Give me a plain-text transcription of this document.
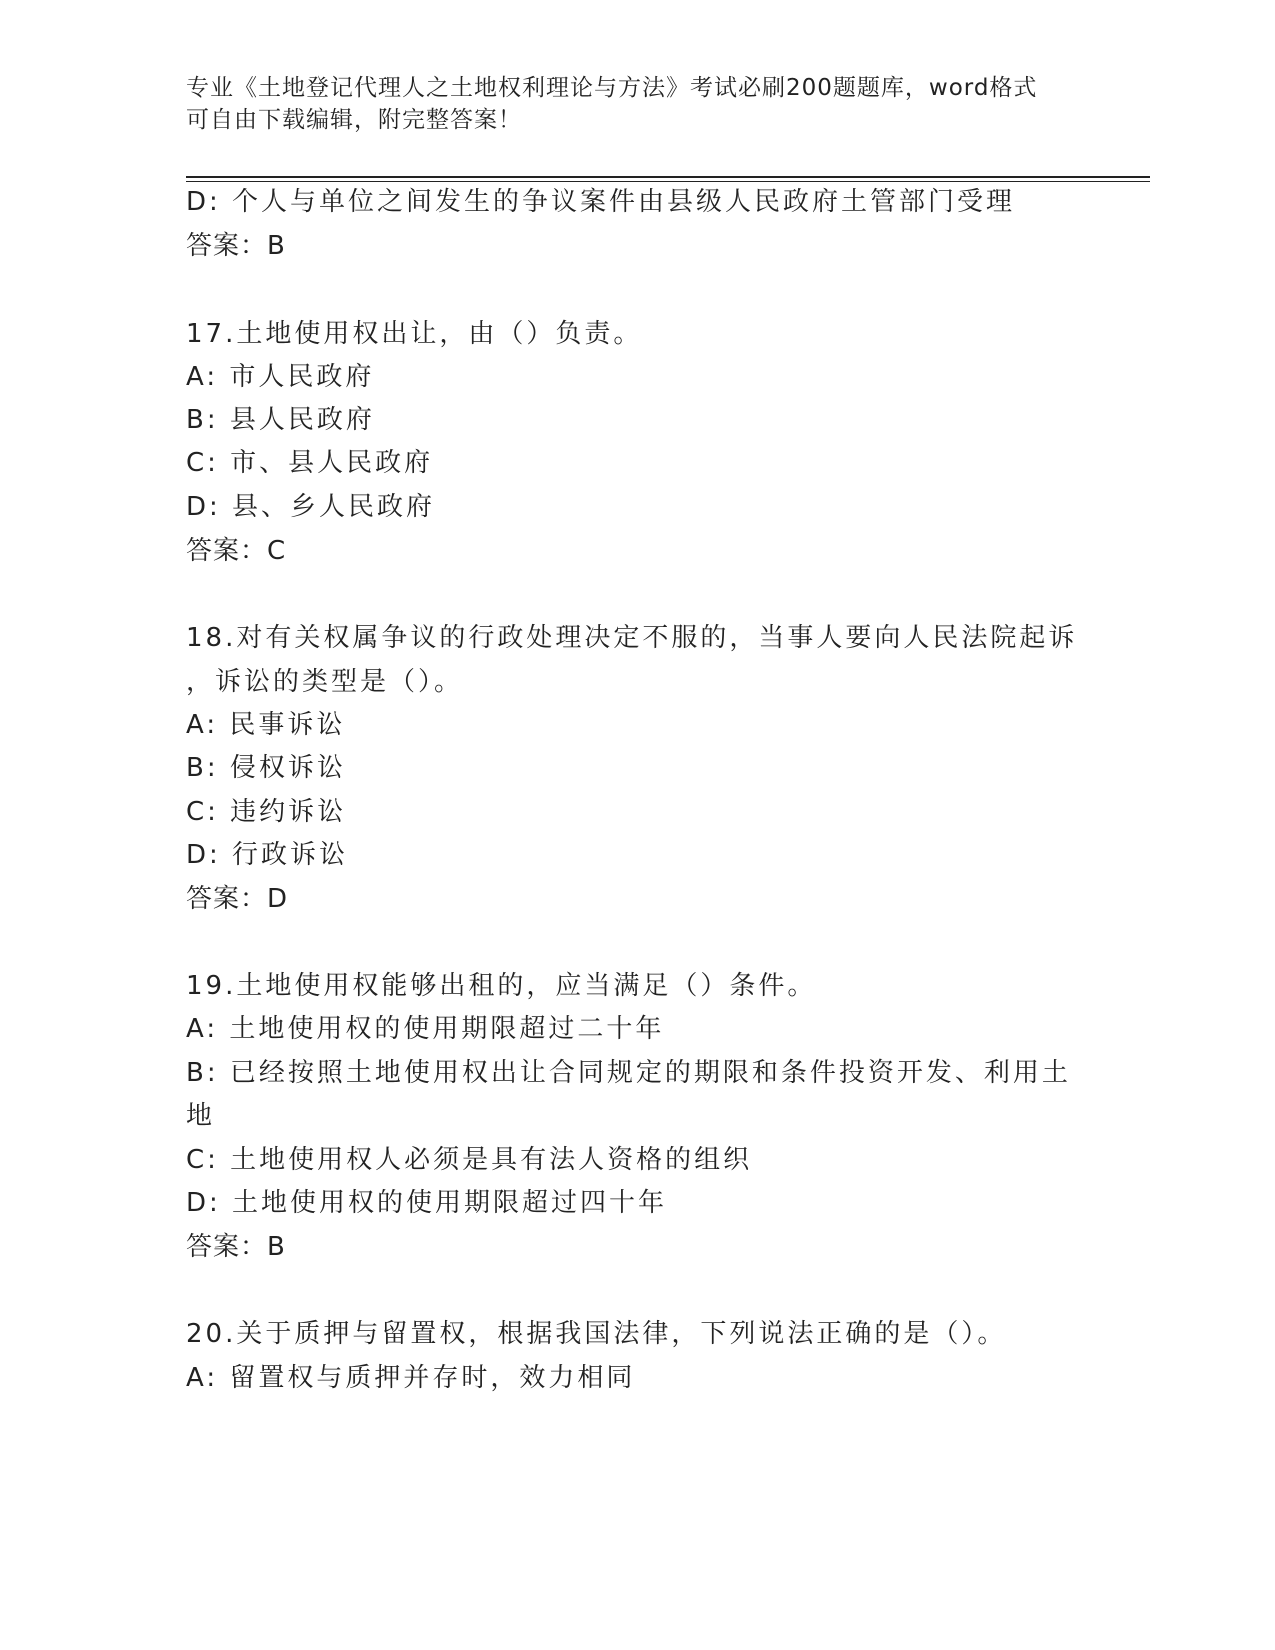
专业《土地登记代理人之土地权利理论与方法》考试必刷200题题库，word格式
可自由下载编辑，附完整答案！
D: 个人与单位之间发生的争议案件由县级人民政府土管部门受理
答案：B
17.土地使用权出让，由（）负责。
A: 市人民政府
B: 县人民政府
C: 市、县人民政府
D: 县、乡人民政府
答案：C
18.对有关权属争议的行政处理决定不服的，当事人要向人民法院起诉
，诉讼的类型是（）。
A: 民事诉讼
B: 侵权诉讼
C: 违约诉讼
D: 行政诉讼
答案：D
19.土地使用权能够出租的，应当满足（）条件。
A: 土地使用权的使用期限超过二十年
B: 已经按照土地使用权出让合同规定的期限和条件投资开发、利用土
地
C: 土地使用权人必须是具有法人资格的组织
D: 土地使用权的使用期限超过四十年
答案：B
20.关于质押与留置权，根据我国法律，下列说法正确的是（）。
A: 留置权与质押并存时，效力相同
